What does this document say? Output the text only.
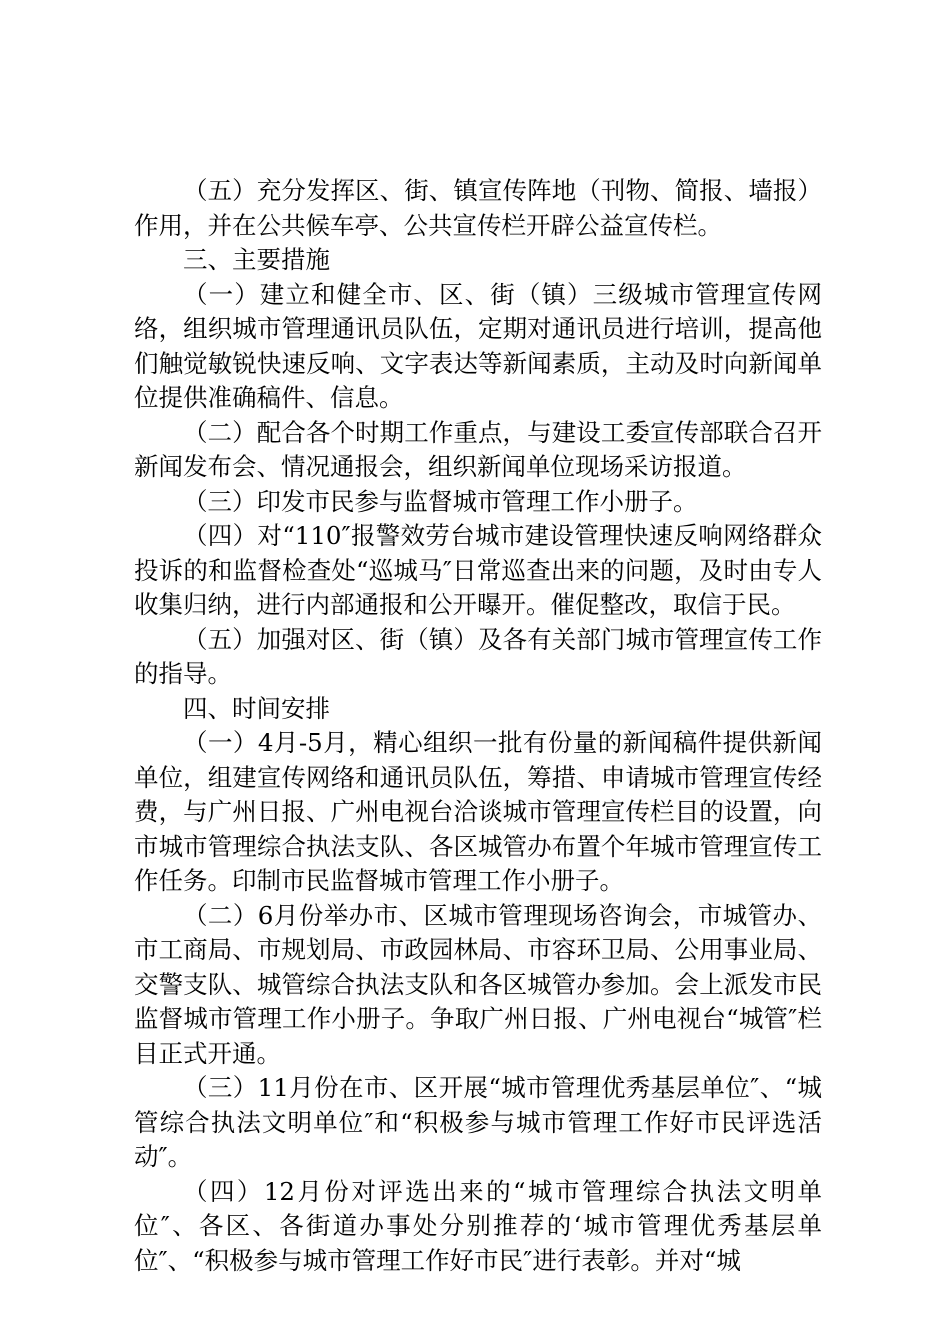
（五）充分发挥区、街、镇宣传阵地（刊物、简报、墙报）作用，并在公共候车亭、公共宣传栏开辟公益宣传栏。

三、主要措施

（一）建立和健全市、区、街（镇）三级城市管理宣传网络，组织城市管理通讯员队伍，定期对通讯员进行培训，提高他们触觉敏锐快速反响、文字表达等新闻素质，主动及时向新闻单位提供准确稿件、信息。

（二）配合各个时期工作重点，与建设工委宣传部联合召开新闻发布会、情况通报会，组织新闻单位现场采访报道。

（三）印发市民参与监督城市管理工作小册子。

（四）对“110″报警效劳台城市建设管理快速反响网络群众投诉的和监督检查处“巡城马″日常巡查出来的问题，及时由专人收集归纳，进行内部通报和公开曝开。催促整改，取信于民。

（五）加强对区、街（镇）及各有关部门城市管理宣传工作的指导。

四、时间安排

（一）4月-5月，精心组织一批有份量的新闻稿件提供新闻单位，组建宣传网络和通讯员队伍，筹措、申请城市管理宣传经费，与广州日报、广州电视台洽谈城市管理宣传栏目的设置，向市城市管理综合执法支队、各区城管办布置个年城市管理宣传工作任务。印制市民监督城市管理工作小册子。

（二）6月份举办市、区城市管理现场咨询会，市城管办、市工商局、市规划局、市政园林局、市容环卫局、公用事业局、交警支队、城管综合执法支队和各区城管办参加。会上派发市民监督城市管理工作小册子。争取广州日报、广州电视台“城管″栏目正式开通。

（三）11月份在市、区开展“城市管理优秀基层单位″、“城管综合执法文明单位″和“积极参与城市管理工作好市民评选活动″。

（四）12月份对评选出来的“城市管理综合执法文明单位″、各区、各街道办事处分别推荐的‘城市管理优秀基层单位″、“积极参与城市管理工作好市民″进行表彰。并对“城
